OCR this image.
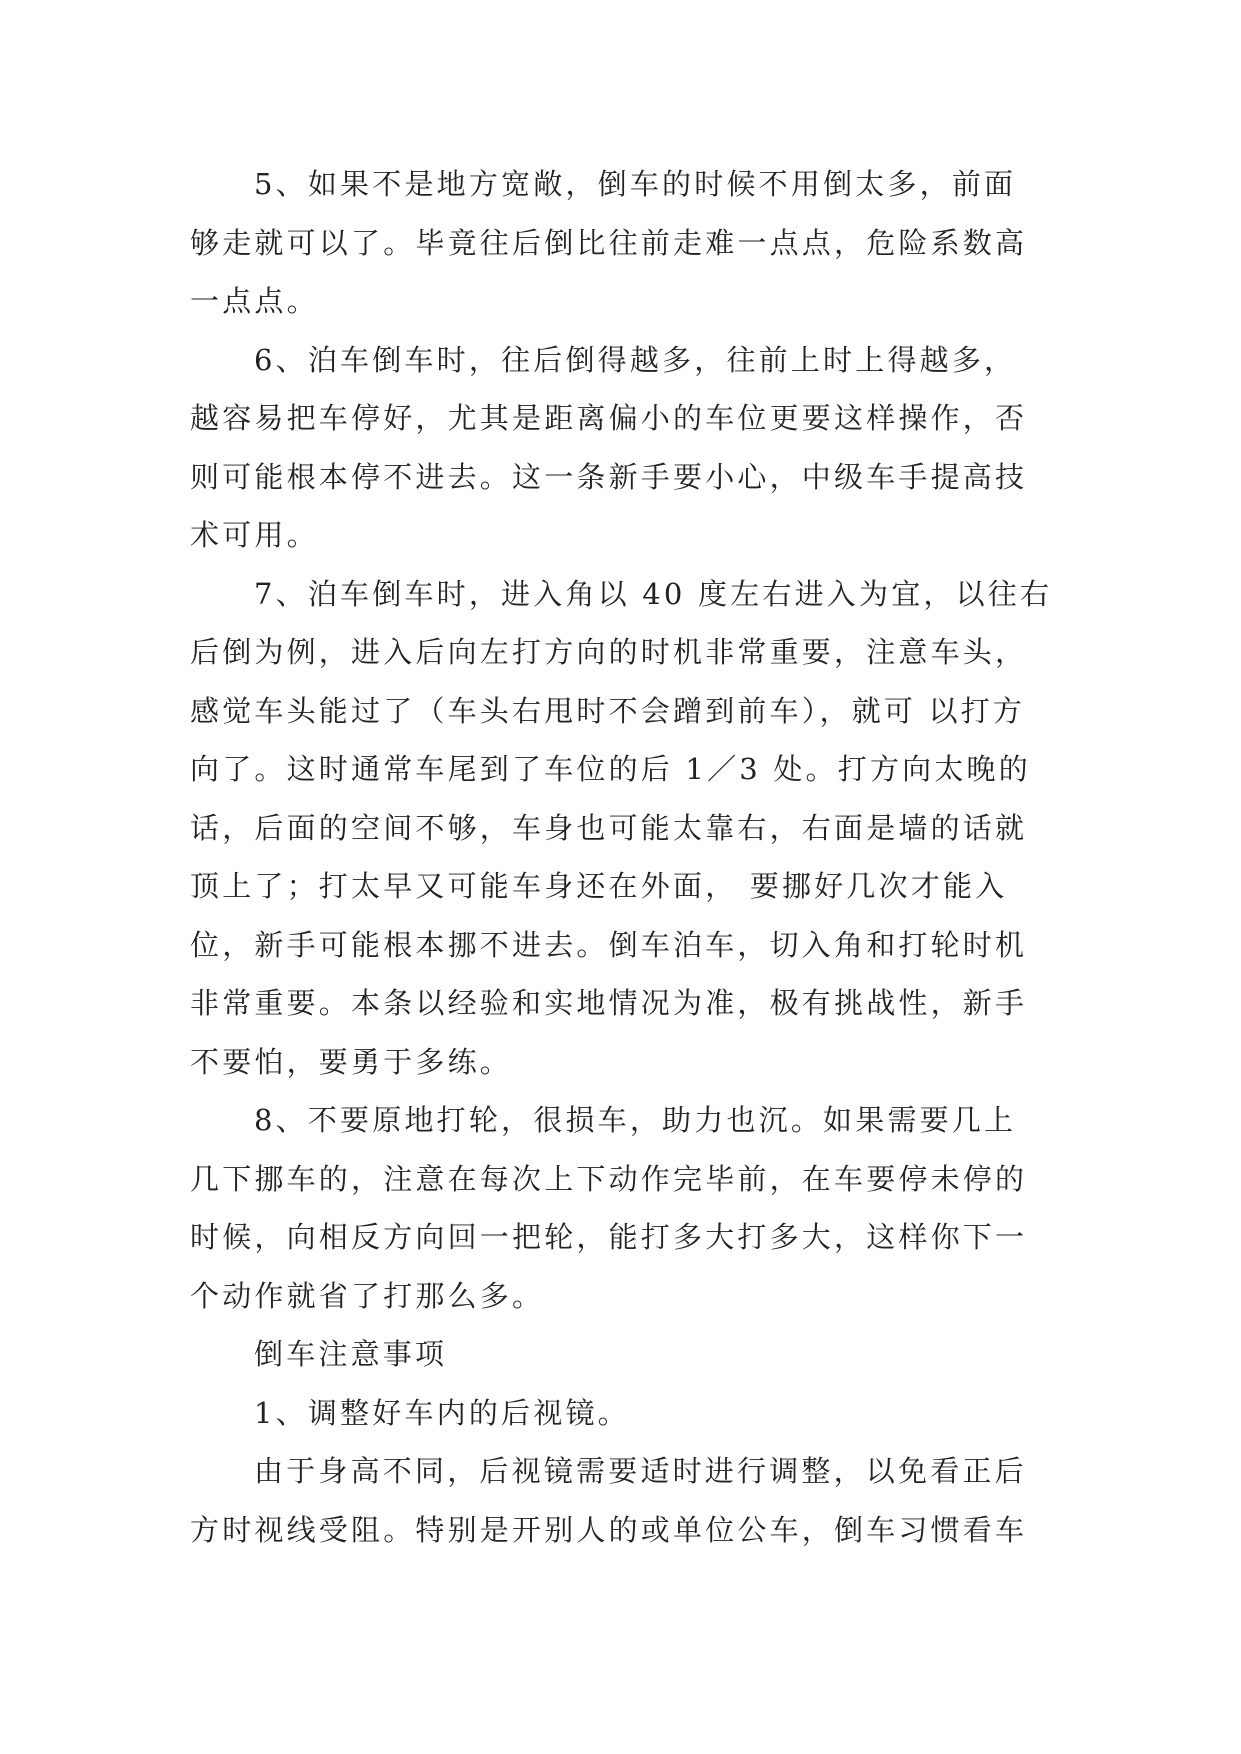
5、如果不是地方宽敞，倒车的时候不用倒太多，前面
够走就可以了。毕竟往后倒比往前走难一点点，危险系数高
一点点。
6、泊车倒车时，往后倒得越多，往前上时上得越多，
越容易把车停好，尤其是距离偏小的车位更要这样操作，否
则可能根本停不进去。这一条新手要小心，中级车手提高技
术可用。
7、泊车倒车时，进入角以 40 度左右进入为宜，以往右
后倒为例，进入后向左打方向的时机非常重要，注意车头，
感觉车头能过了（车头右甩时不会蹭到前车），就可 以打方
向了。这时通常车尾到了车位的后 1／3 处。打方向太晚的
话，后面的空间不够，车身也可能太靠右，右面是墙的话就
顶上了；打太早又可能车身还在外面， 要挪好几次才能入
位，新手可能根本挪不进去。倒车泊车，切入角和打轮时机
非常重要。本条以经验和实地情况为准，极有挑战性，新手
不要怕，要勇于多练。
8、不要原地打轮，很损车，助力也沉。如果需要几上
几下挪车的，注意在每次上下动作完毕前，在车要停未停的
时候，向相反方向回一把轮，能打多大打多大，这样你下一
个动作就省了打那么多。
倒车注意事项
1、调整好车内的后视镜。
由于身高不同，后视镜需要适时进行调整，以免看正后
方时视线受阻。特别是开别人的或单位公车，倒车习惯看车
